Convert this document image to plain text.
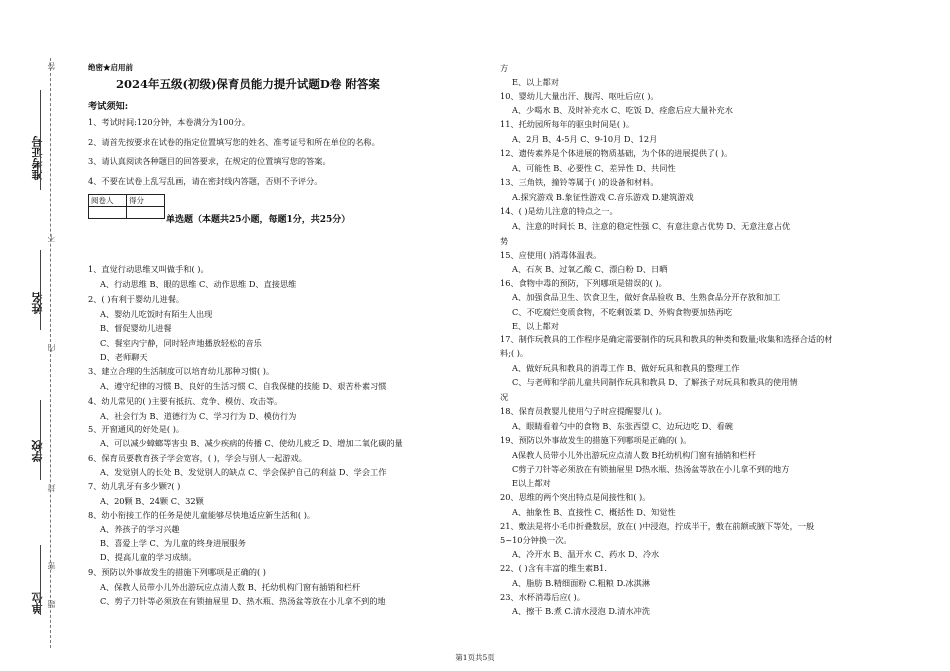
准考证号
姓名
学校
单位
不
内
封
密
题
答	绝密★启用前
2024年五级(初级)保育员能力提升试题D卷 附答案
考试须知:
1、考试时间:120分钟，本卷满分为100分。
2、请首先按要求在试卷的指定位置填写您的姓名、准考证号和所在单位的名称。
3、请认真阅读各种题目的回答要求，在规定的位置填写您的答案。
4、不要在试卷上乱写乱画，请在密封线内答题，否则不予评分。
阅卷人	得分

单选题（本题共25小题，每题1分，共25分）
1、直觉行动思维又叫做手和( )。
A、行动思维 B、眼的思维 C、动作思维 D、直接思维
2、( )有利于婴幼儿进餐。
A、婴幼儿吃饭时有陌生人出现
B、督促婴幼儿进餐
C、餐室内宁静，同时轻声地播放轻松的音乐
D、老师聊天
3、建立合理的生活制度可以培育幼儿那种习惯( )。
A、遵守纪律的习惯 B、良好的生活习惯 C、自我保健的技能 D、艰苦朴素习惯
4、幼儿常见的( )主要有抵抗、竞争、模仿、攻击等。
A、社会行为 B、道德行为 C、学习行为 D、模仿行为
5、开窗通风的好处是( )。
A、可以减少蟑螂等害虫 B、减少疾病的传播 C、使幼儿疲乏 D、增加二氧化碳的量
6、保育员要教育孩子学会宽容，( )，学会与别人一起游戏。
A、发觉别人的长处 B、发觉别人的缺点 C、学会保护自己的利益 D、学会工作
7、幼儿乳牙有多少颗?( )
A、20颗 B、24颗 C、32颗
8、幼小衔接工作的任务是使儿童能够尽快地适应新生活和( )。
A、养孩子的学习兴趣
B、喜爱上学 C、为儿童的终身进展服务
D、提高儿童的学习成绩。
9、预防以外事故发生的措施下列哪项是正确的( )
A、保教人员带小儿外出游玩应点清人数 B、托幼机构门窗有插销和栏杆
C、剪子刀针等必须放在有锁抽屉里 D、热水瓶、热汤盆等放在小儿拿不到的地
方
E、以上都对
10、婴幼儿大量出汗、腹泻、呕吐后应( )。
A、少喝水 B、及时补充水 C、吃饭 D、痊愈后应大量补充水
11、托幼园所每年的驱虫时间是( )。
A、2月 B、4-5月 C、9-10月 D、12月
12、遗传素养是个体进展的物质基础，为个体的进展提供了( )。
A、可能性 B、必要性 C、差异性 D、共同性
13、三角铁，撞铃等属于( )的设备和材料。
A.探究游戏 B.象征性游戏 C.音乐游戏 D.建筑游戏
14、( )是幼儿注意的特点之一。
A、注意的时间长 B、注意的稳定性强 C、有意注意占优势 D、无意注意占优
势
15、应使用( )消毒体温表。
A、石灰 B、过氧乙酸 C、漂白粉 D、日晒
16、食物中毒的预防，下列哪项是错误的( )。
A、加强食品卫生、饮食卫生，做好食品验收 B、生熟食品分开存放和加工
C、不吃腐烂变质食物，不吃剩饭菜 D、外购食物要加热再吃
E、以上都对
17、制作玩教具的工作程序是确定需要制作的玩具和教具的种类和数量;收集和选择合适的材
料;( )。
A、做好玩具和教具的消毒工作 B、做好玩具和教具的整理工作
C、与老师和学前儿童共同制作玩具和教具 D、了解孩子对玩具和教具的使用情
况
18、保育员教婴儿使用勺子时应提醒婴儿( )。
A、眼睛看着勺中的食物 B、东张西望 C、边玩边吃 D、看碗
19、预防以外事故发生的措施下列哪项是正确的( )。
A保教人员带小儿外出游玩应点清人数 B托幼机构门窗有插销和栏杆
C剪子刀针等必须放在有锁抽屉里 D热水瓶、热汤盆等放在小儿拿不到的地方
E以上都对
20、思维的两个突出特点是间接性和( )。
A、抽象性 B、直接性 C、概括性 D、知觉性
21、敷法是将小毛巾折叠数层，放在( )中浸泡，拧成半干，敷在前额或腋下等处，一般
5~10分钟换一次。
A、冷开水 B、温开水 C、药水 D、冷水
22、( )含有丰富的维生素B1.
A、脂肪 B.精细面粉 C.粗粮 D.冰淇淋
23、水杯消毒后应( )。
A、擦干 B.煮 C.清水浸泡 D.清水冲洗
第1页共5页
